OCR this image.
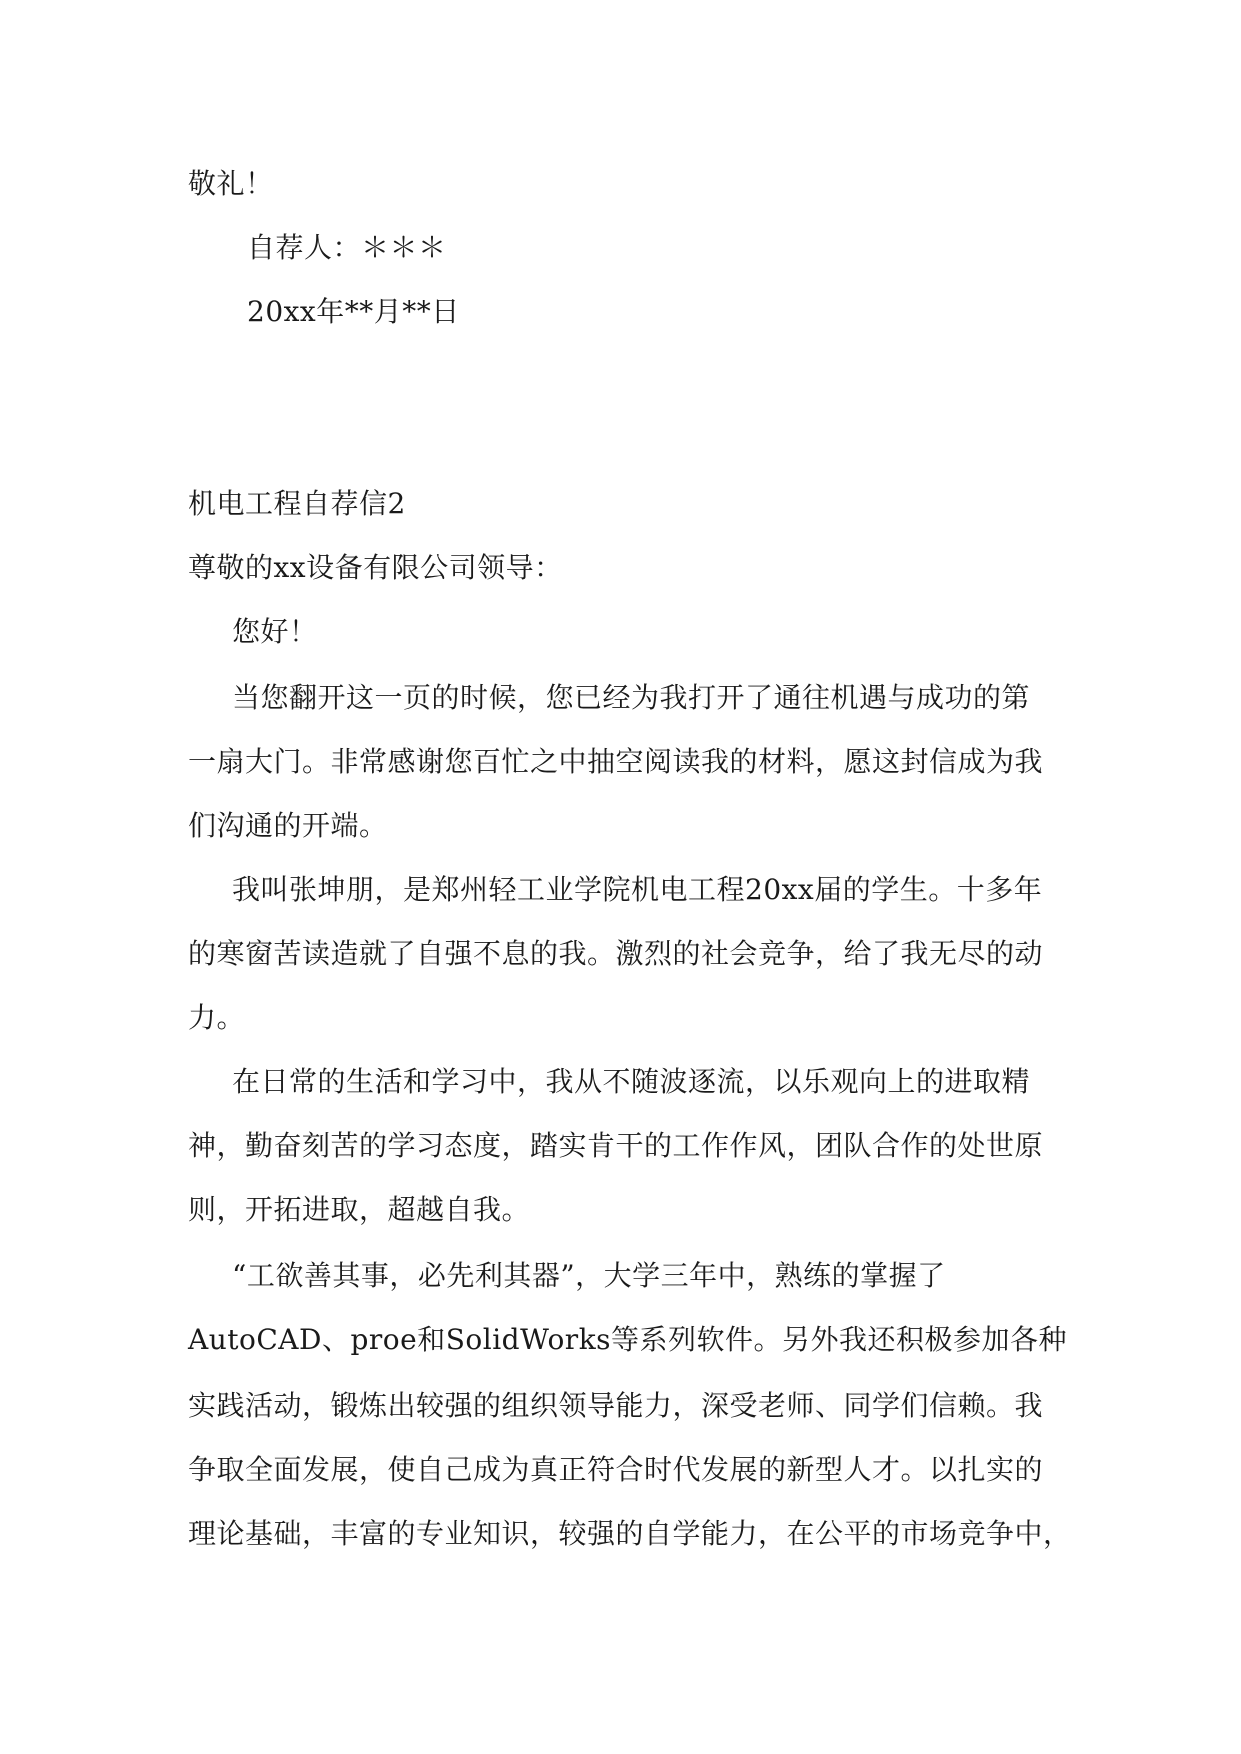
敬礼！

自荐人：＊＊＊

20xx年**月**日

机电工程自荐信2

尊敬的xx设备有限公司领导：

您好！

当您翻开这一页的时候，您已经为我打开了通往机遇与成功的第

一扇大门。非常感谢您百忙之中抽空阅读我的材料，愿这封信成为我

们沟通的开端。

我叫张坤朋，是郑州轻工业学院机电工程20xx届的学生。十多年

的寒窗苦读造就了自强不息的我。激烈的社会竞争，给了我无尽的动

力。

在日常的生活和学习中，我从不随波逐流，以乐观向上的进取精

神，勤奋刻苦的学习态度，踏实肯干的工作作风，团队合作的处世原

则，开拓进取，超越自我。

“工欲善其事，必先利其器”，大学三年中，熟练的掌握了

AutoCAD、proe和SolidWorks等系列软件。另外我还积极参加各种

实践活动，锻炼出较强的组织领导能力，深受老师、同学们信赖。我

争取全面发展，使自己成为真正符合时代发展的新型人才。以扎实的

理论基础，丰富的专业知识，较强的自学能力，在公平的市场竞争中，
